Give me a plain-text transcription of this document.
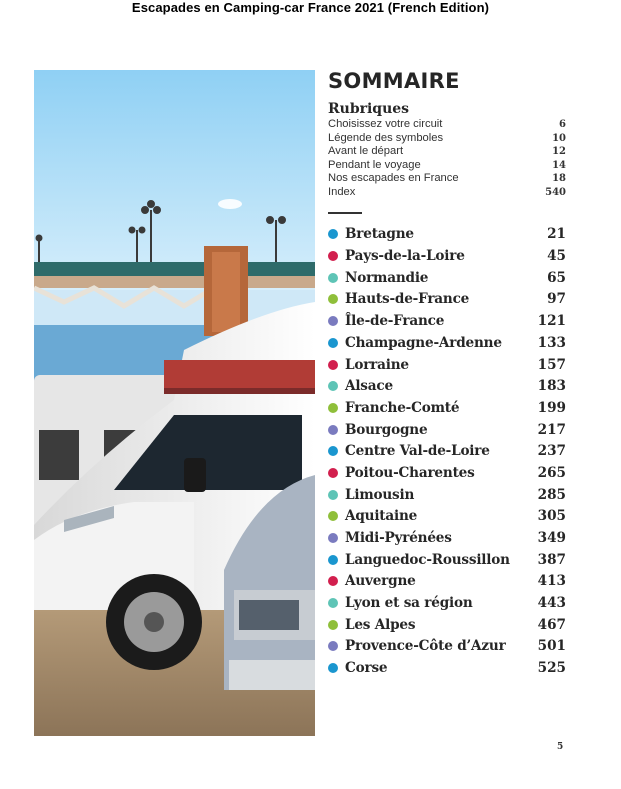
Escapades en Camping-car France 2021 (French Edition)
SOMMAIRE
Rubriques
Choisissez votre circuit	6
Légende des symboles	10
Avant le départ	12
Pendant le voyage	14
Nos escapades en France	18
Index	540
Bretagne	21
Pays-de-la-Loire	45
Normandie	65
Hauts-de-France	97
Île-de-France	121
Champagne-Ardenne	133
Lorraine	157
Alsace	183
Franche-Comté	199
Bourgogne	217
Centre Val-de-Loire	237
Poitou-Charentes	265
Limousin	285
Aquitaine	305
Midi-Pyrénées	349
Languedoc-Roussillon	387
Auvergne	413
Lyon et sa région	443
Les Alpes	467
Provence-Côte d’Azur	501
Corse	525
5
